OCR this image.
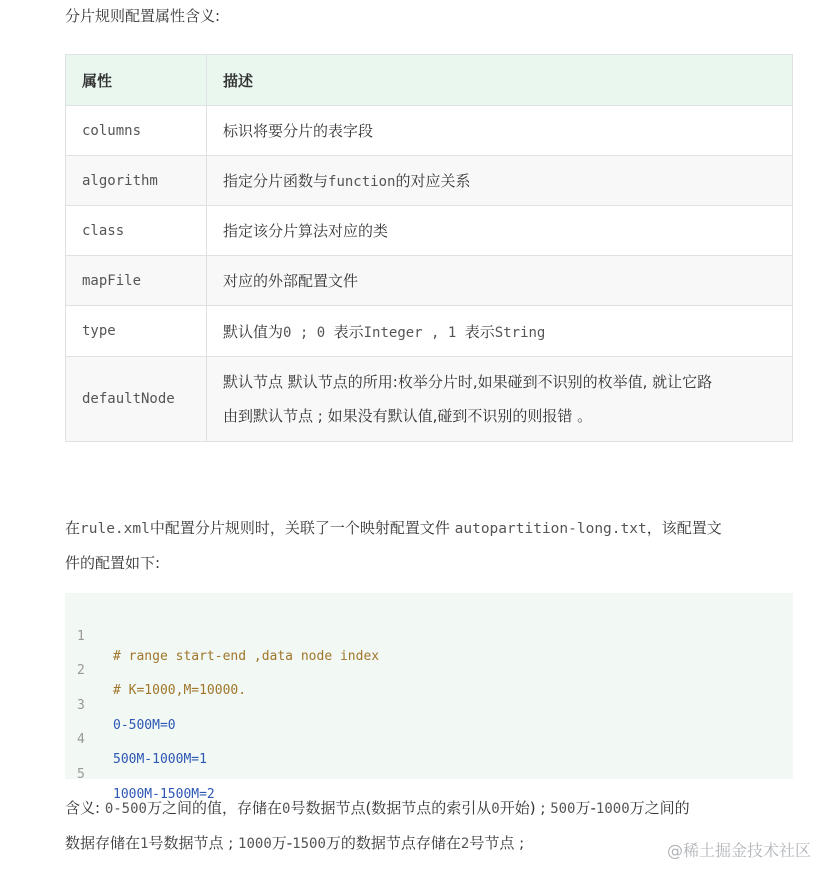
分片规则配置属性含义:
属性	描述
columns	标识将要分片的表字段
algorithm	指定分片函数与function的对应关系
class	指定该分片算法对应的类
mapFile	对应的外部配置文件
type	默认值为0 ; 0 表示Integer , 1 表示String
defaultNode	默认节点 默认节点的所用:枚举分片时,如果碰到不识别的枚举值, 就让它路
由到默认节点 ; 如果没有默认值,碰到不识别的则报错 。
在rule.xml中配置分片规则时，关联了一个映射配置文件 autopartition-long.txt，该配置文
件的配置如下:

1

# range start-end ,data node index

2

# K=1000,M=10000.

3

0-500M=0

4

500M-1000M=1

5

1000M-1500M=2

含义: 0-500万之间的值，存储在0号数据节点(数据节点的索引从0开始) ; 500万-1000万之间的
数据存储在1号数据节点 ; 1000万-1500万的数据节点存储在2号节点 ;	@稀土掘金技术社区
